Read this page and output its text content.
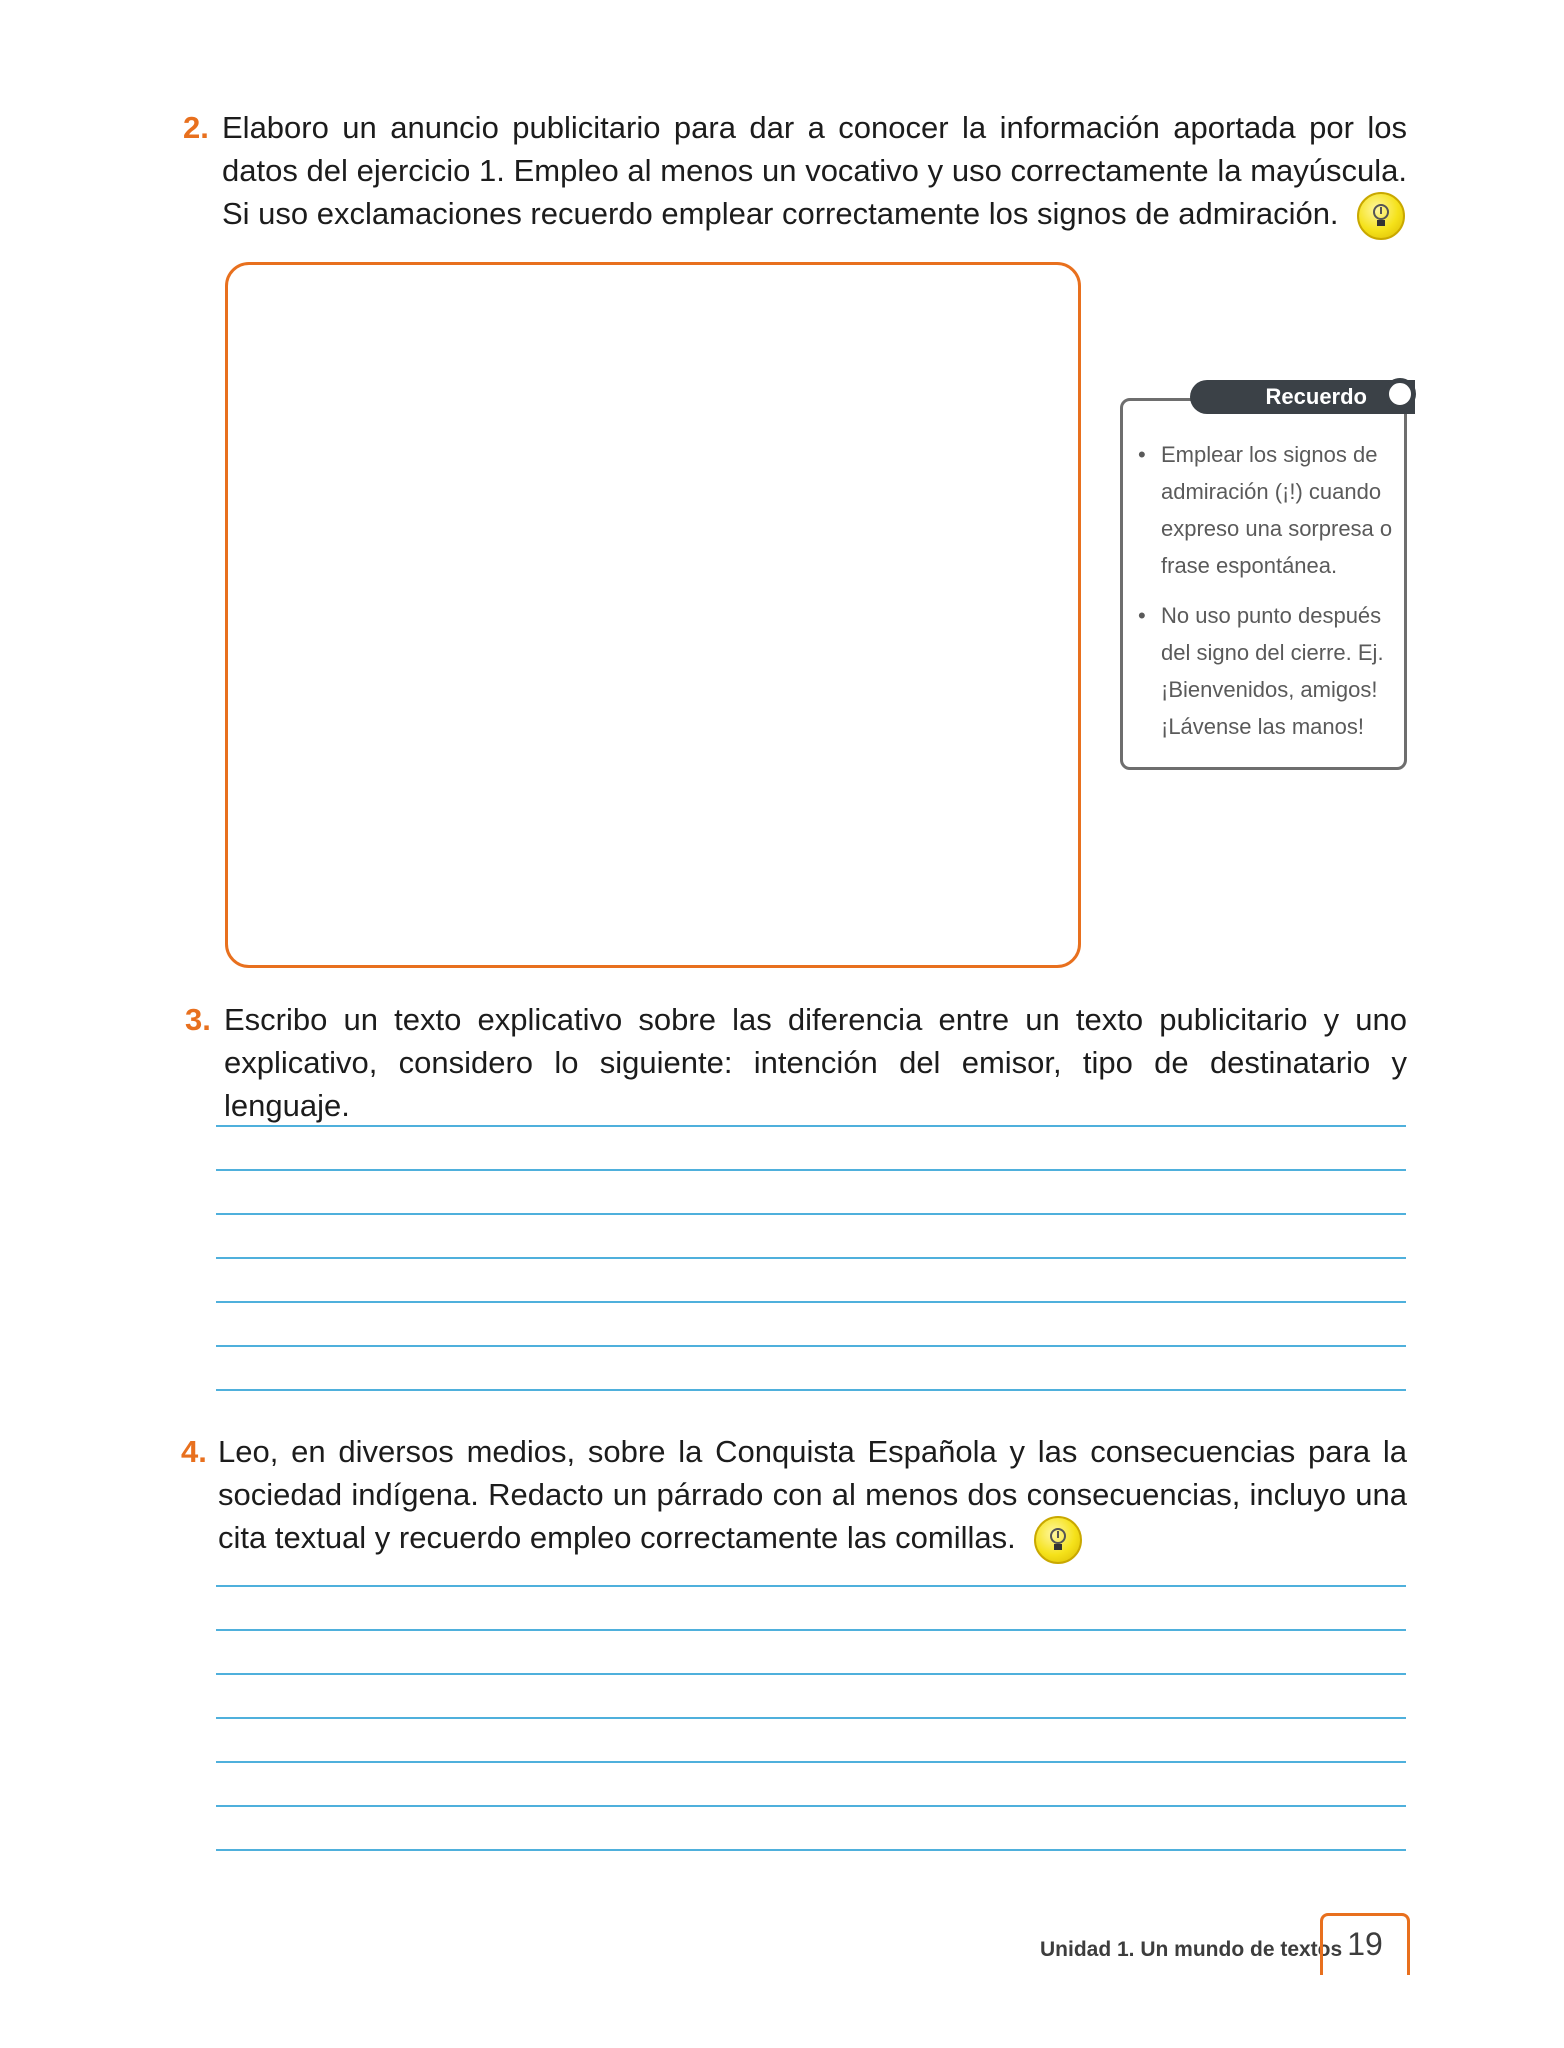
2. Elaboro un anuncio publicitario para dar a conocer la información aportada por los datos del ejercicio 1. Empleo al menos un vocativo y uso correctamente la mayúscula. Si uso exclamaciones recuerdo emplear correctamente los signos de admiración.
Recuerdo
• Emplear los signos de admiración (¡!) cuando expreso una sorpresa o frase espontánea.
• No uso punto después del signo del cierre. Ej. ¡Bienvenidos, amigos! ¡Lávense las manos!
3. Escribo un texto explicativo sobre las diferencia entre un texto publicitario y uno explicativo, considero lo siguiente: intención del emisor, tipo de destinatario y lenguaje.
4. Leo, en diversos medios, sobre la Conquista Española y las consecuencias para la sociedad indígena. Redacto un párrado con al menos dos consecuencias, incluyo una cita textual y recuerdo empleo correctamente las comillas.
Unidad 1. Un mundo de textos 19
